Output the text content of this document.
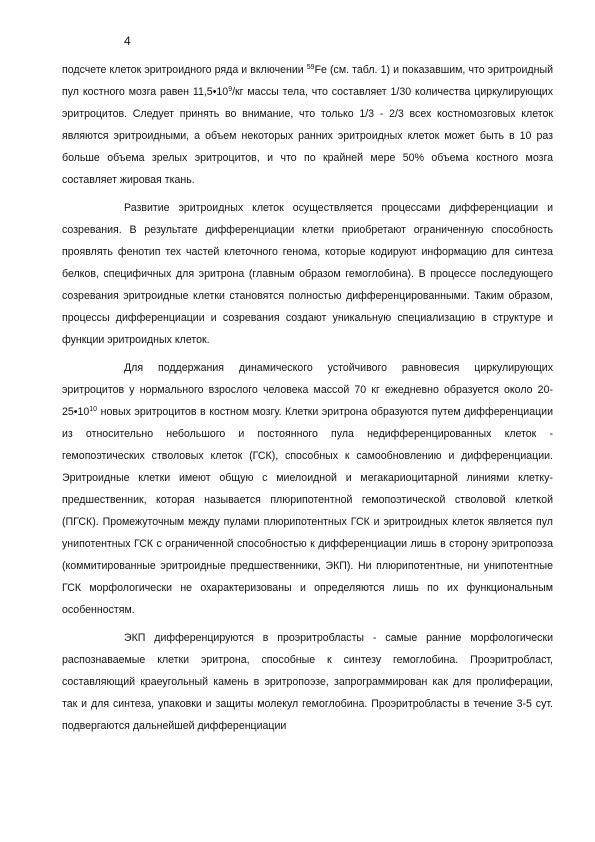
4

подсчете клеток эритроидного ряда и включении $^{59}$Fe (см. табл. 1) и показавшим, что эритроидный пул костного мозга равен $11,5•10^9/кг$ массы тела, что составляет 1/30 количества циркулирующих эритроцитов. Следует принять во внимание, что только 1/3 - 2/3 всех костномозговых клеток являются эритроидными, а объем некоторых ранних эритроидных клеток может быть в 10 раз больше объема зрелых эритроцитов, и что по крайней мере 50% объема костного мозга составляет жировая ткань.

Развитие эритроидных клеток осуществляется процессами дифференциации и созревания. В результате дифференциации клетки приобретают ограниченную способность проявлять фенотип тех частей клеточного генома, которые кодируют информацию для синтеза белков, специфичных для эритрона (главным образом гемоглобина). В процессе последующего созревания эритроидные клетки становятся полностью дифференцированными. Таким образом, процессы дифференциации и созревания создают уникальную специализацию в структуре и функции эритроидных клеток.

Для поддержания динамического устойчивого равновесия циркулирующих эритроцитов у нормального взрослого человека массой 70 кг ежедневно образуется около $20-25•10^{10}$ новых эритроцитов в костном мозгу. Клетки эритрона образуются путем дифференциации из относительно небольшого и постоянного пула недифференцированных клеток - гемопоэтических стволовых клеток (ГСК), способных к самообновлению и дифференциации. Эритроидные клетки имеют общую с миелоидной и мегакариоцитарной линиями клетку-предшественник, которая называется плюрипотентной гемопоэтической стволовой клеткой (ПГСК). Промежуточным между пулами плюрипотентных ГСК и эритроидных клеток является пул унипотентных ГСК с ограниченной способностью к дифференциации лишь в сторону эритропоэза (коммитированные эритроидные предшественники, ЭКП). Ни плюрипотентные, ни унипотентные ГСК морфологически не охарактеризованы и определяются лишь по их функциональным особенностям.

ЭКП дифференцируются в проэритробласты - самые ранние морфологически распознаваемые клетки эритрона, способные к синтезу гемоглобина. Проэритробласт, составляющий краеугольный камень в эритропоэзе, запрограммирован как для пролиферации, так и для синтеза, упаковки и защиты молекул гемоглобина. Проэритробласты в течение 3-5 сут. подвергаются дальнейшей дифференциации
